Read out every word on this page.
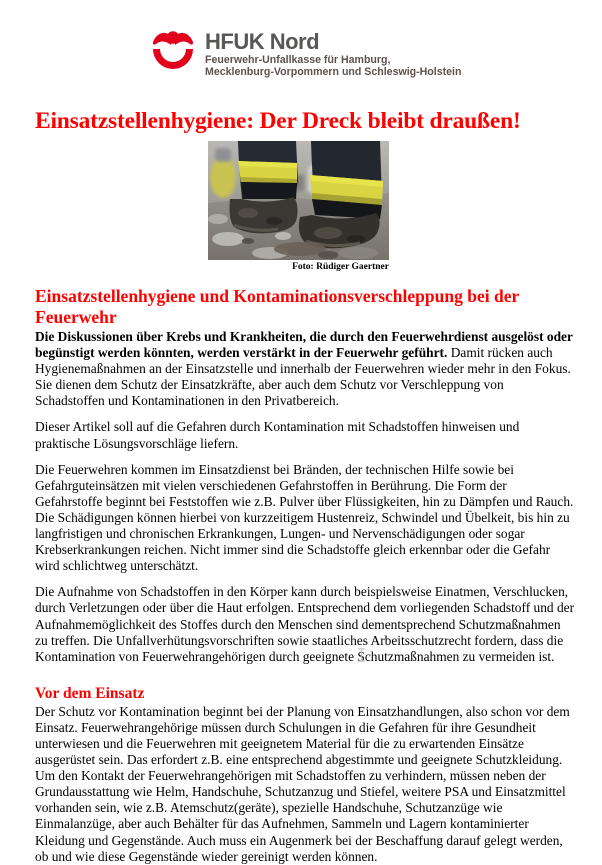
HFUK Nord
Feuerwehr-Unfallkasse für Hamburg,
Mecklenburg-Vorpommern und Schleswig-Holstein
Einsatzstellenhygiene: Der Dreck bleibt draußen!
Foto: Rüdiger Gaertner
Einsatzstellenhygiene und Kontaminationsverschleppung bei der Feuerwehr

Die Diskussionen über Krebs und Krankheiten, die durch den Feuerwehrdienst ausgelöst oder begünstigt werden könnten, werden verstärkt in der Feuerwehr geführt. Damit rücken auch Hygienemaßnahmen an der Einsatzstelle und innerhalb der Feuerwehren wieder mehr in den Fokus. Sie dienen dem Schutz der Einsatzkräfte, aber auch dem Schutz vor Verschleppung von Schadstoffen und Kontaminationen in den Privatbereich.

Dieser Artikel soll auf die Gefahren durch Kontamination mit Schadstoffen hinweisen und praktische Lösungsvorschläge liefern.

Die Feuerwehren kommen im Einsatzdienst bei Bränden, der technischen Hilfe sowie bei Gefahrguteinsätzen mit vielen verschiedenen Gefahrstoffen in Berührung. Die Form der Gefahrstoffe beginnt bei Feststoffen wie z.B. Pulver über Flüssigkeiten, hin zu Dämpfen und Rauch. Die Schädigungen können hierbei von kurzzeitigem Hustenreiz, Schwindel und Übelkeit, bis hin zu langfristigen und chronischen Erkrankungen, Lungen- und Nervenschädigungen oder sogar Krebserkrankungen reichen. Nicht immer sind die Schadstoffe gleich erkennbar oder die Gefahr wird schlichtweg unterschätzt.

Die Aufnahme von Schadstoffen in den Körper kann durch beispielsweise Einatmen, Verschlucken, durch Verletzungen oder über die Haut erfolgen. Entsprechend dem vorliegenden Schadstoff und der Aufnahmemöglichkeit des Stoffes durch den Menschen sind dementsprechend Schutzmaßnahmen zu treffen. Die Unfallverhütungsvorschriften sowie staatliches Arbeitsschutzrecht fordern, dass die Kontamination von Feuerwehrangehörigen durch geeignete Schutzmaßnahmen zu vermeiden ist.

Vor dem Einsatz

Der Schutz vor Kontamination beginnt bei der Planung von Einsatzhandlungen, also schon vor dem Einsatz. Feuerwehrangehörige müssen durch Schulungen in die Gefahren für ihre Gesundheit unterwiesen und die Feuerwehren mit geeignetem Material für die zu erwartenden Einsätze ausgerüstet sein. Das erfordert z.B. eine entsprechend abgestimmte und geeignete Schutzkleidung. Um den Kontakt der Feuerwehrangehörigen mit Schadstoffen zu verhindern, müssen neben der Grundausstattung wie Helm, Handschuhe, Schutzanzug und Stiefel, weitere PSA und Einsatzmittel vorhanden sein, wie z.B. Atemschutz(geräte), spezielle Handschuhe, Schutzanzüge wie Einmalanzüge, aber auch Behälter für das Aufnehmen, Sammeln und Lagern kontaminierter Kleidung und Gegenstände. Auch muss ein Augenmerk bei der Beschaffung darauf gelegt werden, ob und wie diese Gegenstände wieder gereinigt werden können.
